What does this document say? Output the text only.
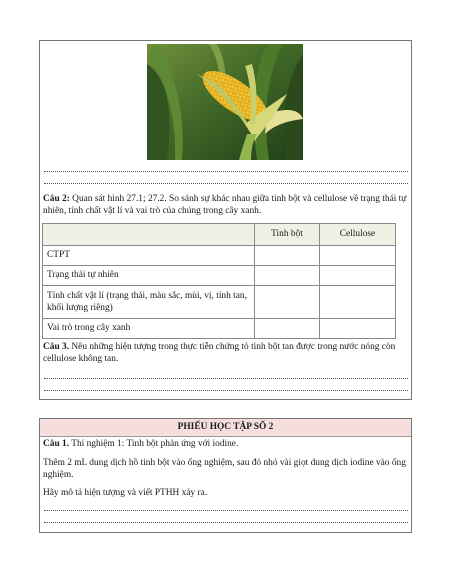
Câu 2: Quan sát hình 27.1; 27.2. So sánh sự khác nhau giữa tinh bột và cellulose về trạng thái tự nhiên, tính chất vật lí và vai trò của chúng trong cây xanh.

	Tinh bột	Cellulose
CTPT		
Trạng thái tự nhiên		
Tính chất vật lí (trạng thái, màu sắc, mùi, vị, tính tan, khối lượng riêng)		
Vai trò trong cây xanh		

Câu 3. Nêu những hiện tượng trong thực tiễn chứng tỏ tinh bột tan được trong nước nóng còn cellulose không tan.

PHIẾU HỌC TẬP SỐ 2

Câu 1. Thí nghiệm 1: Tinh bột phản ứng với iodine.

Thêm 2 mL dung dịch hồ tinh bột vào ống nghiệm, sau đó nhỏ vài giọt dung dịch iodine vào ống nghiệm.

Hãy mô tả hiện tượng và viết PTHH xảy ra.
